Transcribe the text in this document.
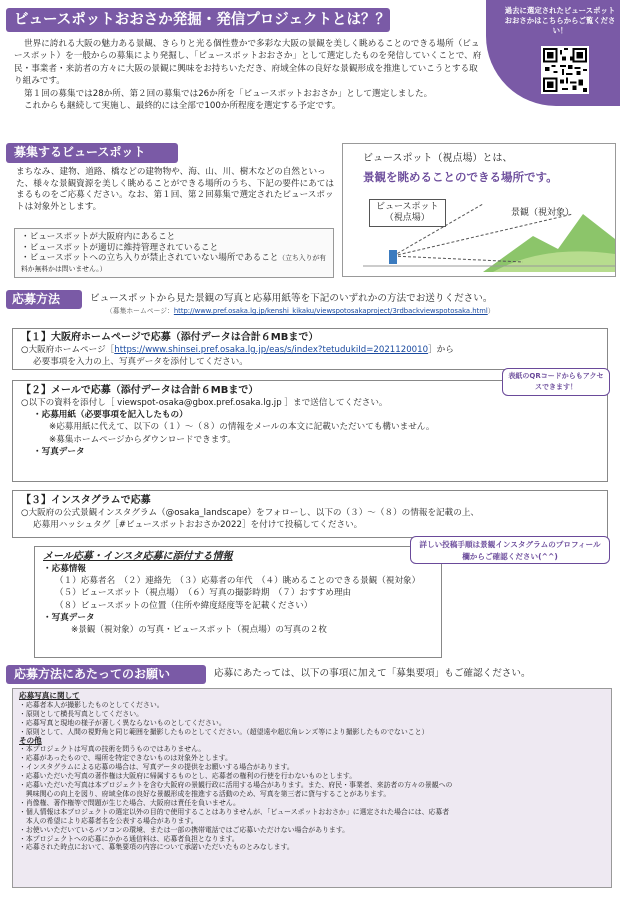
ビュースポットおおさか発掘・発信プロジェクトとは？？

世界に誇れる大阪の魅力ある景観、きらりと光る個性豊かで多彩な大阪の景観を美しく眺めることのできる場所（ビュースポット）を一般からの募集により発掘し、「ビュースポットおおさか」として選定したものを発信していくことで、府民・事業者・来訪者の方々に大阪の景観に興味をお持ちいただき、府域全体の良好な景観形成を推進していこうとする取り組みです。

第１回の募集では28か所、第２回の募集では26か所を「ビュースポットおおさか」として選定しました。

これからも継続して実施し、最終的には全部で100か所程度を選定する予定です。

過去に選定されたビュースポットおおさかはこちらからご覧ください！
募集するビュースポット
まちなみ、建物、道路、橋などの建物物や、海、山、川、樹木などの自然といった、様々な景観資源を美しく眺めることができる場所のうち、下記の要件にあてはまるものをご応募ください。なお、第１回、第２回募集で選定されたビュースポットは対象外とします。
・ビュースポットが大阪府内にあること
・ビュースポットが適切に維持管理されていること
・ビュースポットへの立ち入りが禁止されていない場所であること（立ち入りが有料か無料かは問いません。）
ビュースポット（視点場）とは、
景観を眺めることのできる場所です。
ビュースポット
（視点場）	景観（視対象）
応募方法	ビュースポットから見た景観の写真と応募用紙等を下記のいずれかの方法でお送りください。
（募集ホームページ：http://www.pref.osaka.lg.jp/kenshi_kikaku/viewspotosakaproject/3rdbackviewspotosaka.html）
【１】大阪府ホームページで応募（添付データは合計６MBまで）
○大阪府ホームページ［https://www.shinsei.pref.osaka.lg.jp/eas/s/index?tetudukiId=2021120010］から
必要事項を入力の上、写真データを添付してください。
【２】メールで応募（添付データは合計６MBまで）
○以下の資料を添付し［ viewspot-osaka@gbox.pref.osaka.lg.jp ］まで送信してください。
・応募用紙（必要事項を記入したもの）
※応募用紙に代えて、以下の（１）～（８）の情報をメールの本文に記載いただいても構いません。
※募集ホームページからダウンロードできます。
・写真データ
表紙のQRコードからもアクセスできます！
【３】インスタグラムで応募
○大阪府の公式景観インスタグラム（@osaka_landscape）をフォローし、以下の（３）～（８）の情報を記載の上、
応募用ハッシュタグ［#ビュースポットおおさか2022］を付けて投稿してください。
メール応募・インスタ応募に添付する情報
・応募情報
（１）応募者名　（２）連絡先　（３）応募者の年代　（４）眺めることのできる景観（視対象）
（５）ビュースポット（視点場）　（６）写真の撮影時期　（７）おすすめ理由
（８）ビュースポットの位置（住所や緯度経度等を記載ください）
・写真データ
※景観（視対象）の写真・ビュースポット（視点場）の写真の２枚
詳しい投稿手順は景観インスタグラムのプロフィール欄からご確認ください(^^)
応募方法にあたってのお願い	応募にあたっては、以下の事項に加えて「募集要項」もご確認ください。
応募写真に関して
・応募者本人が撮影したものとしてください。
・原則として横長写真としてください。
・応募写真と現地の様子が著しく異ならないものとしてください。
・原則として、人間の視野角と同じ範囲を撮影したものとしてください。（超望遠や超広角レンズ等により撮影したものでないこと）
その他
・本プロジェクトは写真の技術を問うものではありません。
・応募があったもので、場所を特定できないものは対象外とします。
・インスタグラムによる応募の場合は、写真データの提供をお願いする場合があります。
・応募いただいた写真の著作権は大阪府に帰属するものとし、応募者の権利の行使を行わないものとします。
・応募いただいた写真は本プロジェクトを含む大阪府の景観行政に活用する場合があります。また、府民・事業者、来訪者の方々の景観への
　興味関心の向上を図り、府域全体の良好な景観形成を推進する活動のため、写真を第三者に貸与することがあります。
・肖像権、著作権等で問題が生じた場合、大阪府は責任を負いません。
・個人情報は本プロジェクトの選定以外の目的で使用することはありませんが、「ビュースポットおおさか」に選定された場合には、応募者
　本人の希望により応募者名を公表する場合があります。
・お使いいただいているパソコンの環境、または一部の携帯電話ではご応募いただけない場合があります。
・本プロジェクトへの応募にかかる通信料は、応募者負担となります。
・応募された時点において、募集要項の内容について承諾いただいたものとみなします。
